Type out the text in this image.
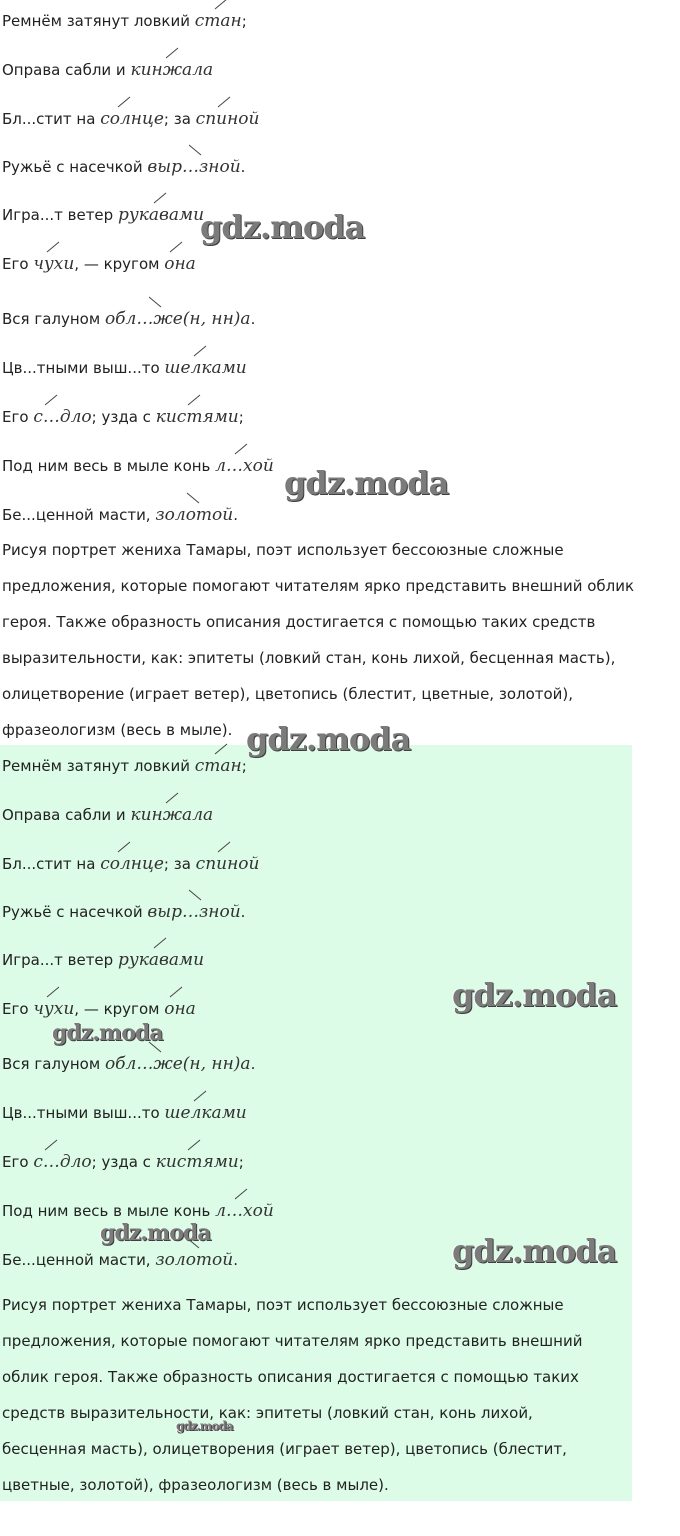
Ремнём затянут ловкий
стан;
Оправа сабли и
кинжала
Бл...стит на
солнце; за
спиной
Ружьё с насечкой
выр…зной.
Игра...т ветер
рукавами
Его
чухи, — кругом
она
Вся галуном
обл…же(н, нн)а.
Цв...тными выш...то
шелками
Его
с…дло; узда с
кистями;
Под ним весь в мыле конь
л…хой
Бе...ценной масти,
золотой.
Рисуя портрет жениха Тамары, поэт использует бессоюзные сложные предложения, которые помогают читателям ярко представить внешний облик героя. Также образность описания достигается с помощью таких средств выразительности, как: эпитеты (ловкий стан, конь лихой, бесценная масть), олицетворение (играет ветер), цветопись (блестит, цветные, золотой), фразеологизм (весь в мыле).
Ремнём затянут ловкий
стан;
Оправа сабли и
кинжала
Бл...стит на
солнце; за
спиной
Ружьё с насечкой
выр…зной.
Игра...т ветер
рукавами
Его
чухи, — кругом
она
Вся галуном
обл…же(н, нн)а.
Цв...тными выш...то
шелками
Его
с…дло; узда с
кистями;
Под ним весь в мыле конь
л…хой
Бе...ценной масти,
золотой.
Рисуя портрет жениха Тамары, поэт использует бессоюзные сложные предложения, которые помогают читателям ярко представить внешний облик героя. Также образность описания достигается с помощью таких средств выразительности, как: эпитеты (ловкий стан, конь лихой, бесценная масть), олицетворения (играет ветер), цветопись (блестит, цветные, золотой), фразеологизм (весь в мыле).
gdz.moda
gdz.moda
gdz.moda
gdz.moda
gdz.moda
gdz.moda	gdz.moda
gdz.moda
